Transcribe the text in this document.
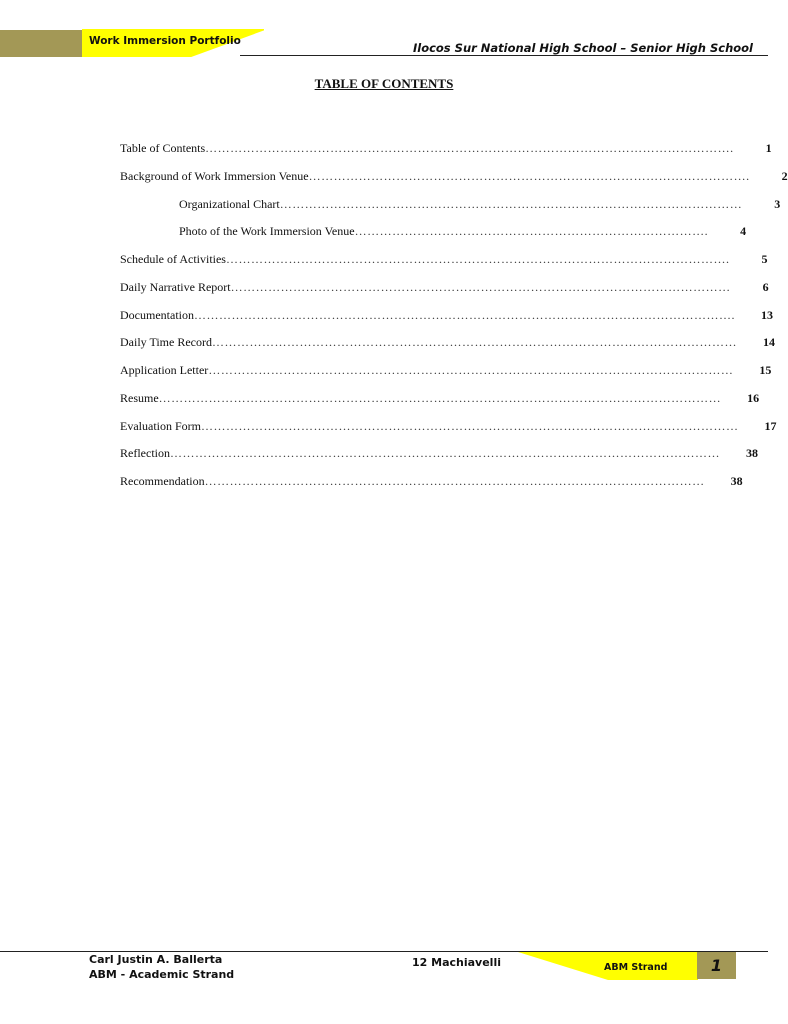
Work Immersion Portfolio	Ilocos Sur National High School – Senior High School
TABLE OF CONTENTS
Table of Contents ……………………………………………………………………………………………………………….	1
Background of Work Immersion Venue …………………………………………………………………………………………….	2
Organizational Chart …………………………………………………………………………………………………	3
Photo of the Work Immersion Venue ………………………………………………………………………….	4
Schedule of Activities ………………………………………………………………………………………………………….	5
Daily Narrative Report …………………………………………………………………………………………………………	6
Documentation ………………………………………………………………………………………………………………….	13
Daily Time Record ………………………………………………………………………………………………………………	14
Application Letter ………………………………………………………………………………………………………………	15
Resume ………………………………………………………………………………………………………………………	16
Evaluation Form …………………………………………………………………………………………………………………	17
Reflection ……………………………………………………………………………………………………………………	38
Recommendation …………………………………………………………………………………………………………	38
Carl Justin A. Ballerta
ABM - Academic Strand
12 Machiavelli	ABM Strand	1
